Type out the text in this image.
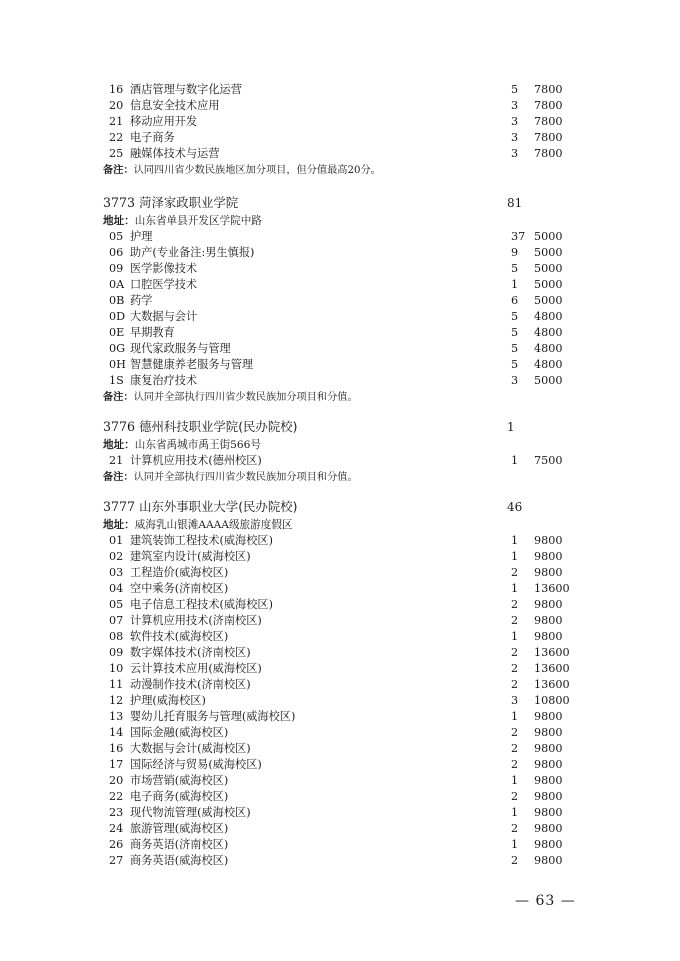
16 酒店管理与数字化运营	5 7800
20 信息安全技术应用	3 7800
21 移动应用开发	3 7800
22 电子商务	3 7800
25 融媒体技术与运营	3 7800
备注：认同四川省少数民族地区加分项目，但分值最高20分。
3773 菏泽家政职业学院	81
地址：山东省单县开发区学院中路
05 护理	37 5000
06 助产(专业备注:男生慎报)	9 5000
09 医学影像技术	5 5000
0A 口腔医学技术	1 5000
0B 药学	6 5000
0D 大数据与会计	5 4800
0E 早期教育	5 4800
0G 现代家政服务与管理	5 4800
0H 智慧健康养老服务与管理	5 4800
1S 康复治疗技术	3 5000
备注：认同并全部执行四川省少数民族加分项目和分值。
3776 德州科技职业学院(民办院校)	1
地址：山东省禹城市禹王街566号
21 计算机应用技术(德州校区)	1 7500
备注：认同并全部执行四川省少数民族加分项目和分值。
3777 山东外事职业大学(民办院校)	46
地址：威海乳山银滩AAAA级旅游度假区
01 建筑装饰工程技术(威海校区)	1 9800
02 建筑室内设计(威海校区)	1 9800
03 工程造价(威海校区)	2 9800
04 空中乘务(济南校区)	1 13600
05 电子信息工程技术(威海校区)	2 9800
07 计算机应用技术(济南校区)	2 9800
08 软件技术(威海校区)	1 9800
09 数字媒体技术(济南校区)	2 13600
10 云计算技术应用(威海校区)	2 13600
11 动漫制作技术(济南校区)	2 13600
12 护理(威海校区)	3 10800
13 婴幼儿托育服务与管理(威海校区)	1 9800
14 国际金融(威海校区)	2 9800
16 大数据与会计(威海校区)	2 9800
17 国际经济与贸易(威海校区)	2 9800
20 市场营销(威海校区)	1 9800
22 电子商务(威海校区)	2 9800
23 现代物流管理(威海校区)	1 9800
24 旅游管理(威海校区)	2 9800
26 商务英语(济南校区)	1 9800
27 商务英语(威海校区)	2 9800
— 63 —
